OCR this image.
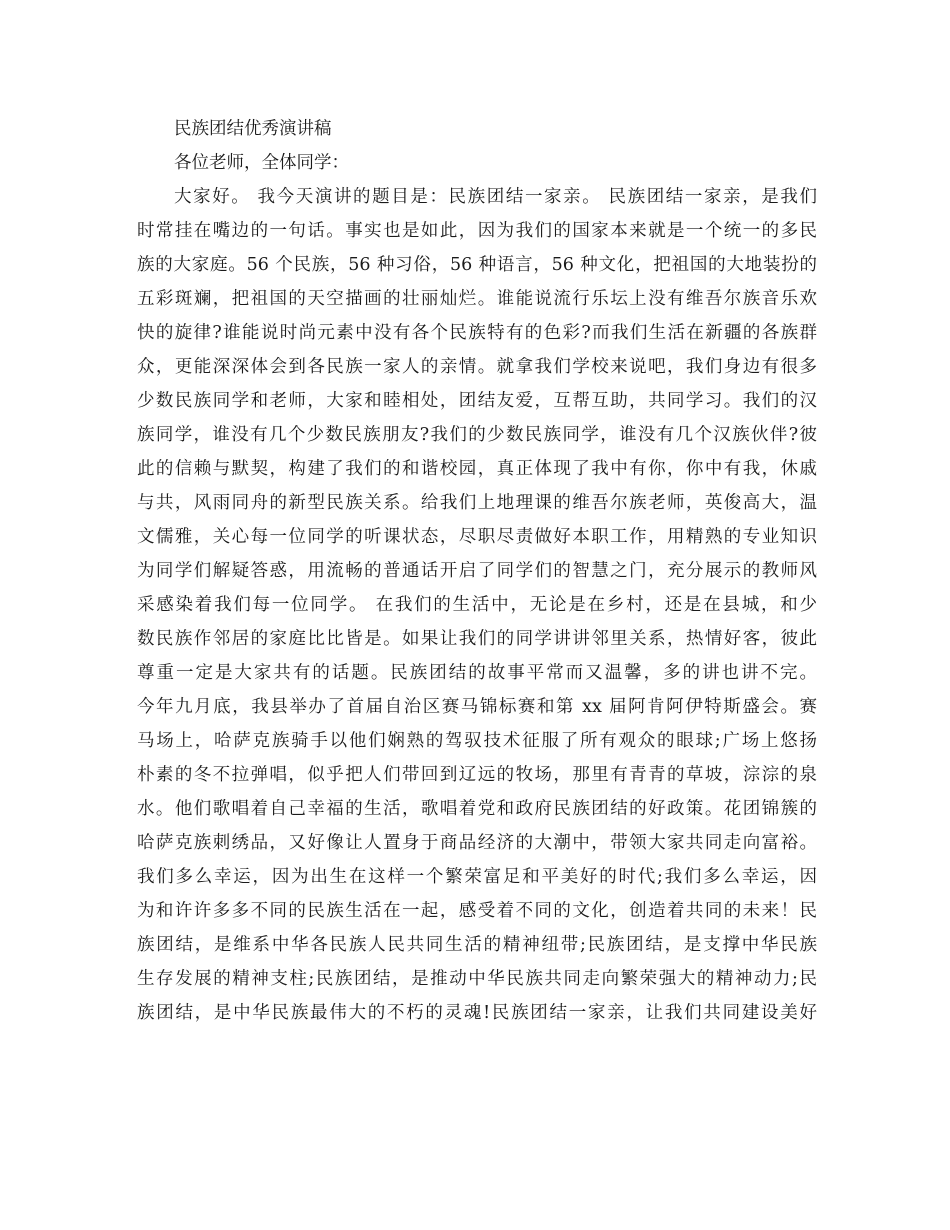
民族团结优秀演讲稿
各位老师，全体同学：
大家好。 我今天演讲的题目是：民族团结一家亲。 民族团结一家亲，是我们
时常挂在嘴边的一句话。事实也是如此，因为我们的国家本来就是一个统一的多民
族的大家庭。56 个民族，56 种习俗，56 种语言，56 种文化，把祖国的大地装扮的
五彩斑斓，把祖国的天空描画的壮丽灿烂。谁能说流行乐坛上没有维吾尔族音乐欢
快的旋律?谁能说时尚元素中没有各个民族特有的色彩?而我们生活在新疆的各族群
众，更能深深体会到各民族一家人的亲情。就拿我们学校来说吧，我们身边有很多
少数民族同学和老师，大家和睦相处，团结友爱，互帮互助，共同学习。我们的汉
族同学，谁没有几个少数民族朋友?我们的少数民族同学，谁没有几个汉族伙伴?彼
此的信赖与默契，构建了我们的和谐校园，真正体现了我中有你，你中有我，休戚
与共，风雨同舟的新型民族关系。给我们上地理课的维吾尔族老师，英俊高大，温
文儒雅，关心每一位同学的听课状态，尽职尽责做好本职工作，用精熟的专业知识
为同学们解疑答惑，用流畅的普通话开启了同学们的智慧之门，充分展示的教师风
采感染着我们每一位同学。 在我们的生活中，无论是在乡村，还是在县城，和少
数民族作邻居的家庭比比皆是。如果让我们的同学讲讲邻里关系，热情好客，彼此
尊重一定是大家共有的话题。民族团结的故事平常而又温馨，多的讲也讲不完。
今年九月底，我县举办了首届自治区赛马锦标赛和第 xx 届阿肯阿伊特斯盛会。赛
马场上，哈萨克族骑手以他们娴熟的驾驭技术征服了所有观众的眼球;广场上悠扬
朴素的冬不拉弹唱，似乎把人们带回到辽远的牧场，那里有青青的草坡，淙淙的泉
水。他们歌唱着自己幸福的生活，歌唱着党和政府民族团结的好政策。花团锦簇的
哈萨克族刺绣品，又好像让人置身于商品经济的大潮中，带领大家共同走向富裕。
我们多么幸运，因为出生在这样一个繁荣富足和平美好的时代;我们多么幸运，因
为和许许多多不同的民族生活在一起，感受着不同的文化，创造着共同的未来！民
族团结，是维系中华各民族人民共同生活的精神纽带;民族团结，是支撑中华民族
生存发展的精神支柱;民族团结，是推动中华民族共同走向繁荣强大的精神动力;民
族团结，是中华民族最伟大的不朽的灵魂!民族团结一家亲，让我们共同建设美好
